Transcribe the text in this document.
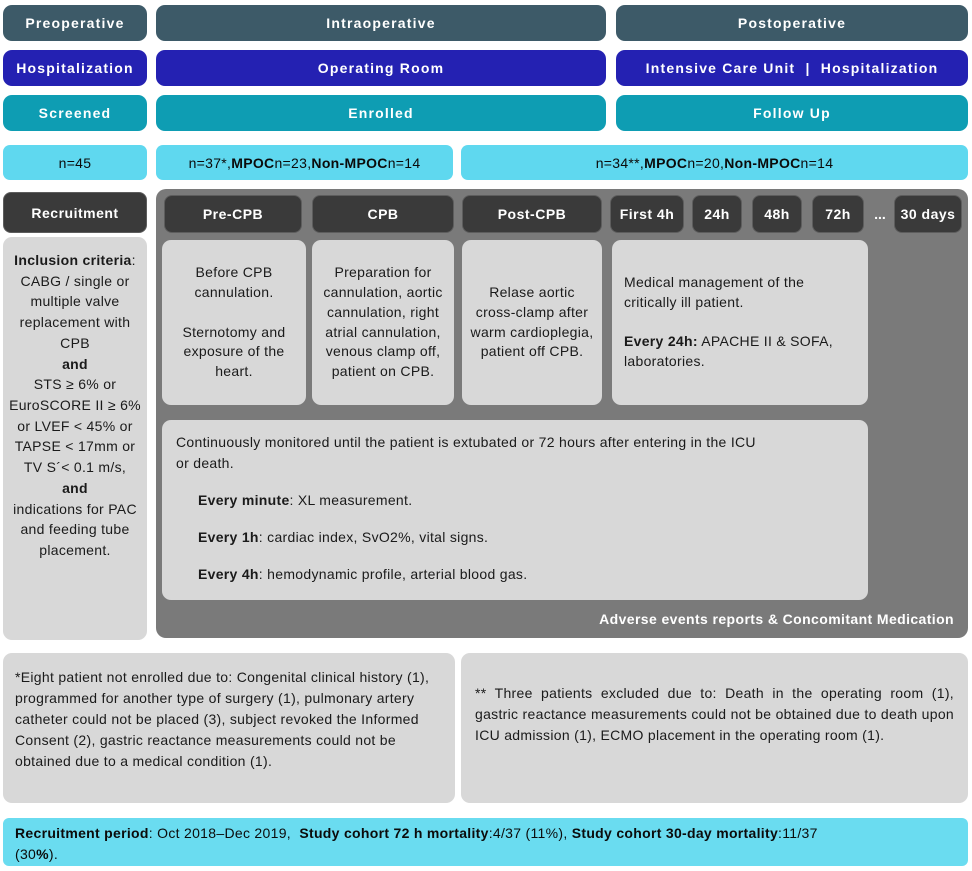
Preoperative	Intraoperative	Postoperative
Hospitalization	Operating Room	Intensive Care Unit  |  Hospitalization
Screened	Enrolled	Follow Up
n=45	n=37*, MPOC n=23, Non-MPOC n=14	n=34**, MPOC n=20, Non-MPOC n=14
Recruitment	Pre-CPB	CPB	Post-CPB	First 4h	24h	48h	72h	...	30 days
Before CPB cannulation.

Sternotomy and exposure of the heart.
Preparation for cannulation, aortic cannulation, right atrial cannulation, venous clamp off, patient on CPB.
Relase aortic cross-clamp after warm cardioplegia, patient off CPB.
Medical management of the critically ill patient.

Every 24h: APACHE II & SOFA, laboratories.
Continuously monitored until the patient is extubated or 72 hours after entering in the ICU
or death.
Every minute: XL measurement.
Every 1h: cardiac index, SvO2%, vital signs.
Every 4h: hemodynamic profile, arterial blood gas.
Adverse events reports & Concomitant Medication
Inclusion criteria:
CABG / single or multiple valve replacement with CPB
and
STS ≥ 6% or EuroSCORE II ≥ 6% or LVEF < 45% or TAPSE < 17mm or TV S´< 0.1 m/s,
and
indications for PAC and feeding tube placement.
*Eight patient not enrolled due to: Congenital clinical history (1), programmed for another type of surgery (1), pulmonary artery catheter could not be placed (3), subject revoked the Informed Consent (2), gastric reactance measurements could not be obtained due to a medical condition (1).
** Three patients excluded due to: Death in the operating room (1), gastric reactance measurements could not be obtained due to death upon ICU admission (1), ECMO placement in the operating room (1).
Recruitment period: Oct 2018–Dec 2019,  Study cohort 72 h mortality:4/37 (11%), Study cohort 30-day mortality:11/37
(30%).
